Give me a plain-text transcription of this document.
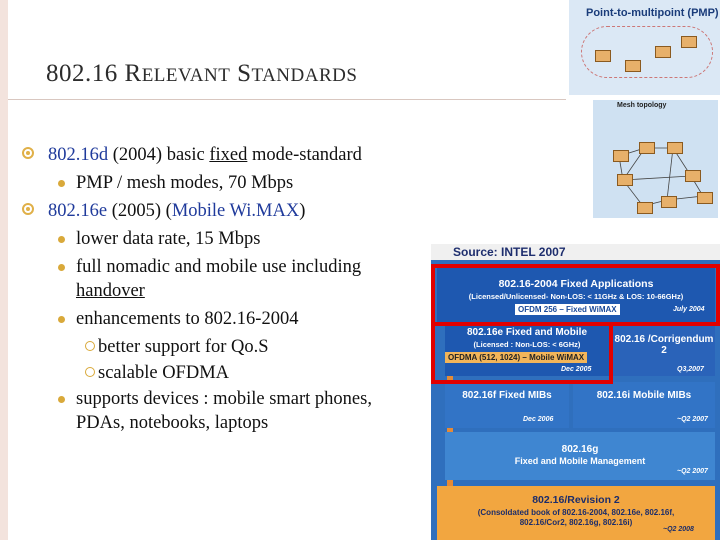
802.16 RELEVANT STANDARDS
802.16d (2004) basic fixed mode-standard
PMP / mesh modes, 70 Mbps
802.16e (2005) (Mobile Wi.MAX)
lower data rate, 15 Mbps
full nomadic and mobile use including handover
enhancements to 802.16-2004
better support for Qo.S
scalable OFDMA
supports devices : mobile smart phones, PDAs, notebooks, laptops
Point-to-multipoint (PMP)
Mesh topology
Source: INTEL 2007
802.16-2004 Fixed Applications
(Licensed/Unlicensed- Non-LOS: < 11GHz & LOS: 10-66GHz)
OFDM 256 – Fixed WiMAX	July 2004
802.16e Fixed and Mobile
(Licensed : Non-LOS: < 6GHz)
OFDMA (512, 1024) – Mobile WiMAX
Dec 2005
802.16 /Corrigendum 2
Q3,2007
802.16f Fixed MIBs
Dec 2006
802.16i Mobile MIBs
~Q2 2007
802.16g
Fixed and Mobile Management
~Q2 2007
802.16/Revision 2
(Consoldated book of 802.16-2004, 802.16e, 802.16f,
802.16/Cor2, 802.16g, 802.16i)
~Q2 2008
